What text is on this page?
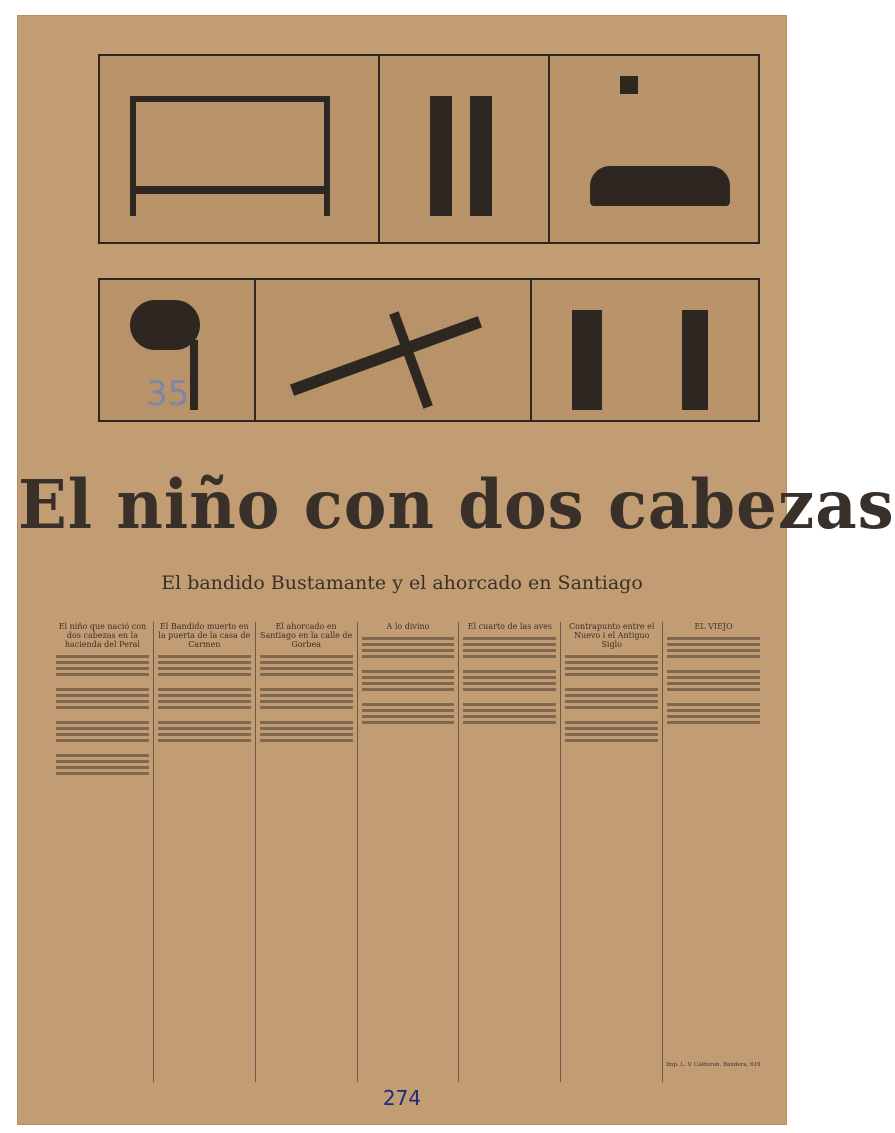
El niño con dos cabezas
El bandido Bustamante y el ahorcado en Santiago
35
El niño que nació con dos cabezas en la hacienda del Peral
El Bandido muerto en la puerta de la casa de Carmen
El ahorcado en Santiago en la calle de Gorbea
A lo divino	El cuarto de las aves	Contrapunto entre el Nuevo i el Antiguo Siglo
EL VIEJO
Imp. L. V. Calderon, Bandera, 619
274
